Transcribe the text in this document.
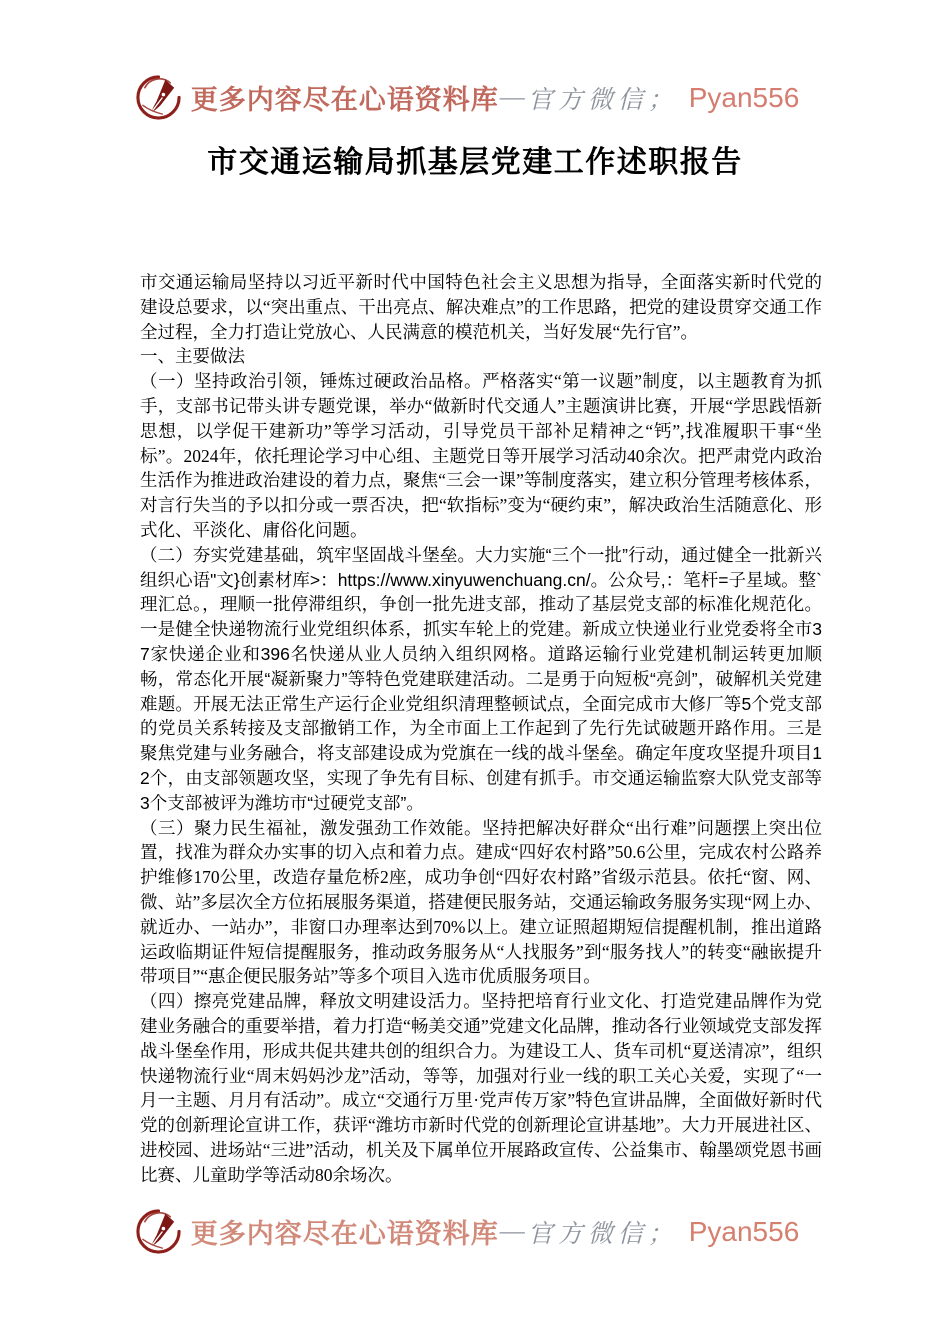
更多内容尽在心语资料库 — 官方微信； Pyan556
市交通运输局抓基层党建工作述职报告

市交通运输局坚持以习近平新时代中国特色社会主义思想为指导，全面落实新时代党的建设总要求，以“突出重点、干出亮点、解决难点”的工作思路，把党的建设贯穿交通工作全过程，全力打造让党放心、人民满意的模范机关，当好发展“先行官”。

一、主要做法

（一）坚持政治引领，锤炼过硬政治品格。严格落实“第一议题”制度，以主题教育为抓手，支部书记带头讲专题党课，举办“做新时代交通人”主题演讲比赛，开展“学思践悟新思想，以学促干建新功”等学习活动，引导党员干部补足精神之“钙”,找准履职干事“坐标”。2024年，依托理论学习中心组、主题党日等开展学习活动40余次。把严肃党内政治生活作为推进政治建设的着力点，聚焦“三会一课”等制度落实，建立积分管理考核体系，对言行失当的予以扣分或一票否决，把“软指标”变为“硬约束”，解决政治生活随意化、形式化、平淡化、庸俗化问题。

（二）夯实党建基础，筑牢坚固战斗堡垒。大力实施“三个一批”行动，通过健全一批新兴组织心语"文}创素材库>：https://www.xinyuwenchuang.cn/。公众号,：笔杆=子星域。整`理汇总。，理顺一批停滞组织，争创一批先进支部，推动了基层党支部的标准化规范化。一是健全快递物流行业党组织体系，抓实车轮上的党建。新成立快递业行业党委将全市37家快递企业和396名快递从业人员纳入组织网格。道路运输行业党建机制运转更加顺畅，常态化开展“凝新聚力”等特色党建联建活动。二是勇于向短板“亮剑”，破解机关党建难题。开展无法正常生产运行企业党组织清理整顿试点，全面完成市大修厂等5个党支部的党员关系转接及支部撤销工作，为全市面上工作起到了先行先试破题开路作用。三是聚焦党建与业务融合，将支部建设成为党旗在一线的战斗堡垒。确定年度攻坚提升项目12个，由支部领题攻坚，实现了争先有目标、创建有抓手。市交通运输监察大队党支部等3个支部被评为潍坊市“过硬党支部”。

（三）聚力民生福祉，激发强劲工作效能。坚持把解决好群众“出行难”问题摆上突出位置，找准为群众办实事的切入点和着力点。建成“四好农村路”50.6公里，完成农村公路养护维修170公里，改造存量危桥2座，成功争创“四好农村路”省级示范县。依托“窗、网、微、站”多层次全方位拓展服务渠道，搭建便民服务站，交通运输政务服务实现“网上办、就近办、一站办”，非窗口办理率达到70%以上。建立证照超期短信提醒机制，推出道路运政临期证件短信提醒服务，推动政务服务从“人找服务”到“服务找人”的转变“融嵌提升带项目”“惠企便民服务站”等多个项目入选市优质服务项目。

（四）擦亮党建品牌，释放文明建设活力。坚持把培育行业文化、打造党建品牌作为党建业务融合的重要举措，着力打造“畅美交通”党建文化品牌，推动各行业领域党支部发挥战斗堡垒作用，形成共促共建共创的组织合力。为建设工人、货车司机“夏送清凉”，组织快递物流行业“周末妈妈沙龙”活动，等等，加强对行业一线的职工关心关爱，实现了“一月一主题、月月有活动”。成立“交通行万里·党声传万家”特色宣讲品牌，全面做好新时代党的创新理论宣讲工作，获评“潍坊市新时代党的创新理论宣讲基地”。大力开展进社区、进校园、进场站“三进”活动，机关及下属单位开展路政宣传、公益集市、翰墨颂党恩书画比赛、儿童助学等活动80余场次。

更多内容尽在心语资料库 — 官方微信； Pyan556
